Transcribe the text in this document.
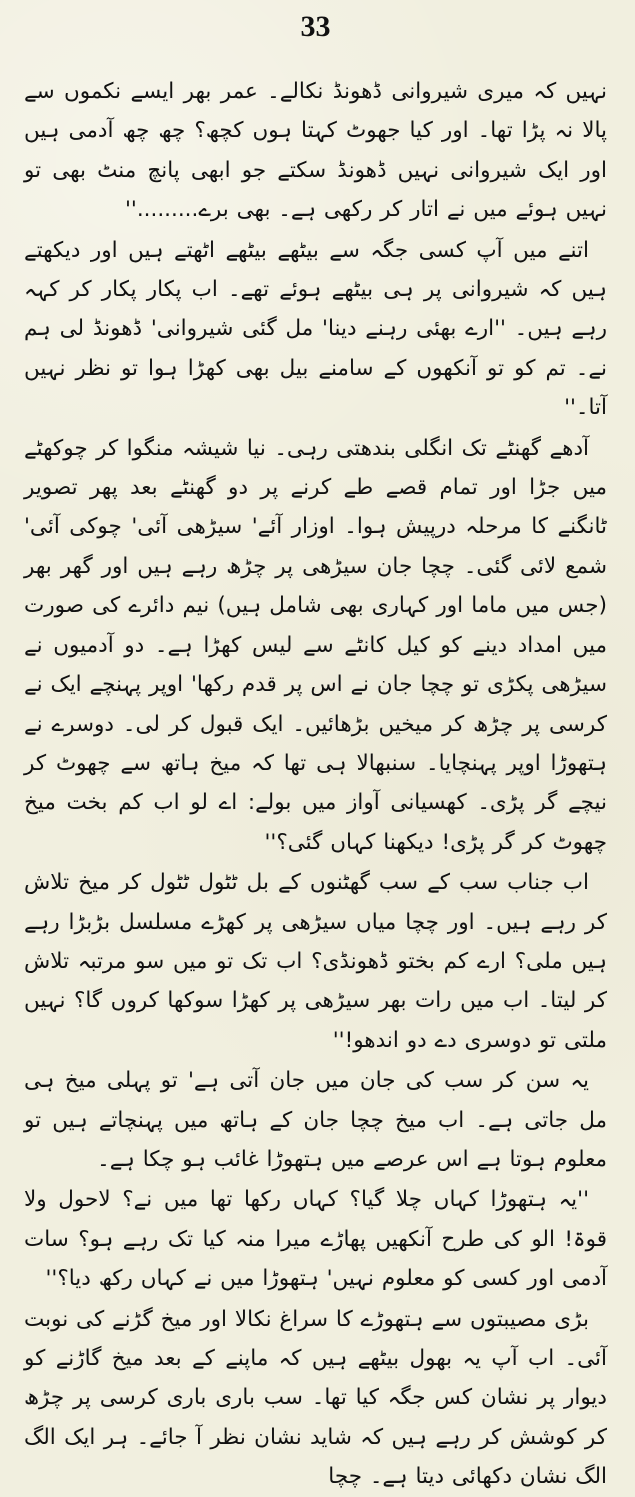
33

نہیں کہ میری شیروانی ڈھونڈ نکالے۔ عمر بھر ایسے نکموں سے پالا نہ پڑا تھا۔ اور کیا جھوٹ کہتا ہوں کچھ؟ چھ چھ آدمی ہیں اور ایک شیروانی نہیں ڈھونڈ سکتے جو ابھی پانچ منٹ بھی تو نہیں ہوئے میں نے اتار کر رکھی ہے۔ بھی برے.........''

اتنے میں آپ کسی جگہ سے بیٹھے بیٹھے اٹھتے ہیں اور دیکھتے ہیں کہ شیروانی پر ہی بیٹھے ہوئے تھے۔ اب پکار پکار کر کہہ رہے ہیں۔ ''ارے بھئی رہنے دینا' مل گئی شیروانی' ڈھونڈ لی ہم نے۔ تم کو تو آنکھوں کے سامنے بیل بھی کھڑا ہوا تو نظر نہیں آتا۔''

آدھے گھنٹے تک انگلی بندھتی رہی۔ نیا شیشہ منگوا کر چوکھٹے میں جڑا اور تمام قصے طے کرنے پر دو گھنٹے بعد پھر تصویر ٹانگنے کا مرحلہ درپیش ہوا۔ اوزار آئے' سیڑھی آئی' چوکی آئی' شمع لائی گئی۔ چچا جان سیڑھی پر چڑھ رہے ہیں اور گھر بھر (جس میں ماما اور کہاری بھی شامل ہیں) نیم دائرے کی صورت میں امداد دینے کو کیل کانٹے سے لیس کھڑا ہے۔ دو آدمیوں نے سیڑھی پکڑی تو چچا جان نے اس پر قدم رکھا' اوپر پہنچے ایک نے کرسی پر چڑھ کر میخیں بڑھائیں۔ ایک قبول کر لی۔ دوسرے نے ہتھوڑا اوپر پہنچایا۔ سنبھالا ہی تھا کہ میخ ہاتھ سے چھوٹ کر نیچے گر پڑی۔ کھسیانی آواز میں بولے: اے لو اب کم بخت میخ چھوٹ کر گر پڑی! دیکھنا کہاں گئی؟''

اب جناب سب کے سب گھٹنوں کے بل ٹٹول ٹٹول کر میخ تلاش کر رہے ہیں۔ اور چچا میاں سیڑھی پر کھڑے مسلسل بڑبڑا رہے ہیں ملی؟ ارے کم بختو ڈھونڈی؟ اب تک تو میں سو مرتبہ تلاش کر لیتا۔ اب میں رات بھر سیڑھی پر کھڑا سوکھا کروں گا؟ نہیں ملتی تو دوسری دے دو اندھو!''

یہ سن کر سب کی جان میں جان آتی ہے' تو پہلی میخ ہی مل جاتی ہے۔ اب میخ چچا جان کے ہاتھ میں پہنچاتے ہیں تو معلوم ہوتا ہے اس عرصے میں ہتھوڑا غائب ہو چکا ہے۔

''یہ ہتھوڑا کہاں چلا گیا؟ کہاں رکھا تھا میں نے؟ لاحول ولا قوۃ! الو کی طرح آنکھیں پھاڑے میرا منہ کیا تک رہے ہو؟ سات آدمی اور کسی کو معلوم نہیں' ہتھوڑا میں نے کہاں رکھ دیا؟''

بڑی مصیبتوں سے ہتھوڑے کا سراغ نکالا اور میخ گڑنے کی نوبت آئی۔ اب آپ یہ بھول بیٹھے ہیں کہ ماپنے کے بعد میخ گاڑنے کو دیوار پر نشان کس جگہ کیا تھا۔ سب باری باری کرسی پر چڑھ کر کوشش کر رہے ہیں کہ شاید نشان نظر آ جائے۔ ہر ایک الگ الگ نشان دکھائی دیتا ہے۔ چچا
